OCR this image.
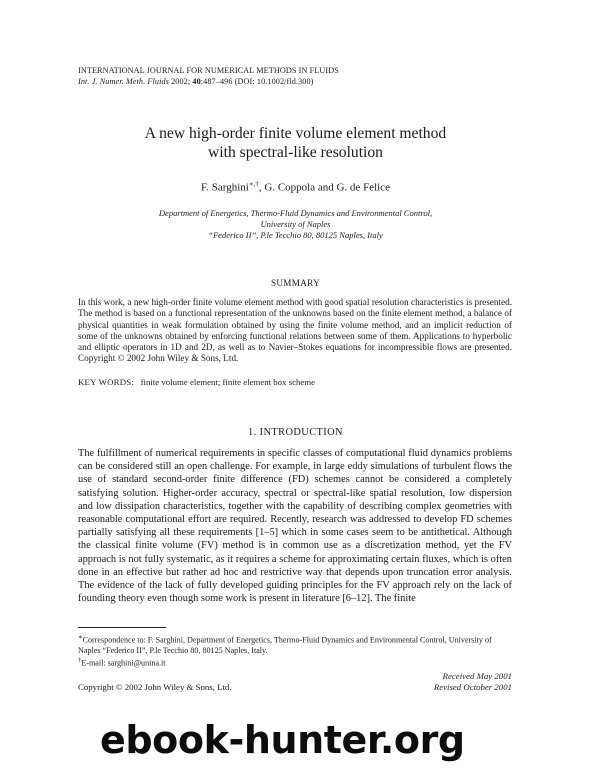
INTERNATIONAL JOURNAL FOR NUMERICAL METHODS IN FLUIDS
Int. J. Numer. Meth. Fluids 2002; 40:487–496 (DOI: 10.1002/fld.300)
A new high-order finite volume element method
with spectral-like resolution
F. Sarghini∗,†, G. Coppola and G. de Felice
Department of Energetics, Thermo-Fluid Dynamics and Environmental Control,
University of Naples
“Federico II”, P.le Tecchio 80, 80125 Naples, Italy
SUMMARY
In this work, a new high-order finite volume element method with good spatial resolution characteristics is presented. The method is based on a functional representation of the unknowns based on the finite element method, a balance of physical quantities in weak formulation obtained by using the finite volume method, and an implicit reduction of some of the unknowns obtained by enforcing functional relations between some of them. Applications to hyperbolic and elliptic operators in 1D and 2D, as well as to Navier–Stokes equations for incompressible flows are presented. Copyright © 2002 John Wiley & Sons, Ltd.
KEY WORDS: finite volume element; finite element box scheme
1. INTRODUCTION
The fulfillment of numerical requirements in specific classes of computational fluid dynamics problems can be considered still an open challenge. For example, in large eddy simulations of turbulent flows the use of standard second-order finite difference (FD) schemes cannot be considered a completely satisfying solution. Higher-order accuracy, spectral or spectral-like spatial resolution, low dispersion and low dissipation characteristics, together with the capability of describing complex geometries with reasonable computational effort are required. Recently, research was addressed to develop FD schemes partially satisfying all these requirements [1–5] which in some cases seem to be antithetical. Although the classical finite volume (FV) method is in common use as a discretization method, yet the FV approach is not fully systematic, as it requires a scheme for approximating certain fluxes, which is often done in an effective but rather ad hoc and restrictive way that depends upon truncation error analysis. The evidence of the lack of fully developed guiding principles for the FV approach rely on the lack of founding theory even though some work is present in literature [6–12]. The finite

∗Correspondence to: F. Sarghini, Department of Energetics, Thermo-Fluid Dynamics and Environmental Control, University of Naples “Federico II”, P.le Tecchio 80, 80125 Naples, Italy.

†E-mail: sarghini@unina.it

Received May 2001
Revised October 2001
Copyright © 2002 John Wiley & Sons, Ltd.
ebook-hunter.org
